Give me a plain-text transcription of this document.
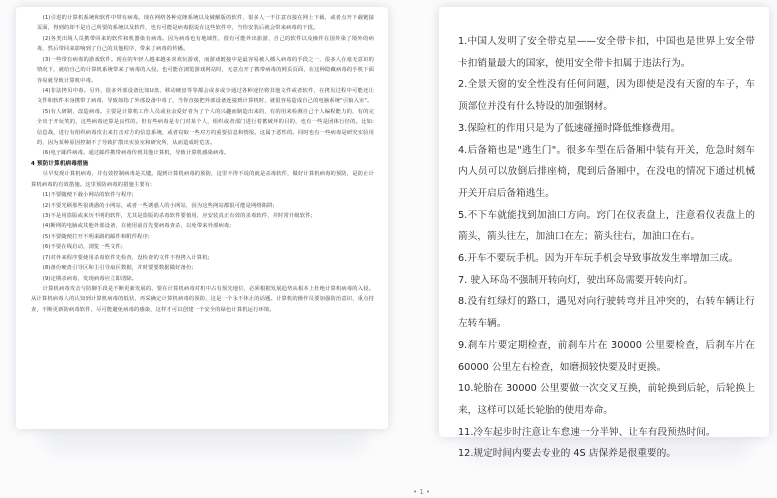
(1)引进的计算机系统和软件中带有病毒。现在网络各种克隆系统以及破解版的软件，很多人一不注意直接在网上下载，或者点开下载链接页面，得到的却不是自己所要的系统以及软件，也有可能是病毒据说在这些软件中，当你安装后就会带来病毒的干扰。

(2)各类出境人员携带回来的软件和机器染有病毒。因为病毒也有地域性，很有可能外出旅游，自己的软件以及操作在国外染了境外的病毒，然后带回来影响到了自己的其他程序，带来了病毒的传播。

(3)一些带有病毒的游戏软件。现在的年轻人越来越多喜欢玩游戏，而游戏链接中是最容易被人插入病毒的手段之一，很多人在毫无意识的情况下，就给自己的计算机系统带来了病毒的入侵。也可能在浏览游戏网站时，无意点开了携带病毒的网页页面，在这种隐藏病毒的手机下面容易就导致计算机中毒。

(4)非法拷贝中毒。另外，很多外部设备比如U盘，移动硬盘等等都会或多或少通过各种途径将其他文件或者软件，在拷贝过程中可能还让文件和软件本身携带了病毒，导致如指了外部设备中毒了，当你直接把外部设备连接到计算机时，就很容易造成自己的电脑系统"引狼入室"。

(5)有人研制，改造病毒。主要是计算机工作人员或业余爱好者为了个人的兴趣而制造出来的，有的用来检测自己个人编程能力的，有的完全出于开玩笑的，这些病毒还算是良性的。但有些病毒是专门对某个人，组织或者部门进行着蓄破坏的目的，也有一些是团体行径的。比如:信息战，进行有组织病毒攻击来打击对方的信息系统，或者窃取一些对方的重要信息和情报。这属于恶性的。同时也有一些病毒是研究实验用的，因为某种原因控制不了导致扩散出实验室和研究所，从而造成时危害。

(6)电子邮件病毒。通过邮件携带病毒传到其他计算机，导致计算机感染病毒。

4 预防计算机病毒措施

尽早发现计算机病毒，并有效控制病毒是关键。提到计算机病毒的预防，这里不得不说的就是杀毒软件，做好计算机病毒的预防，是防止计算机病毒的有效措施。这里预防病毒的措施主要有:

(1)不要随便下载小网站的软件与程序;

(2)不要光顾那些很诱惑的小网站，或者一些诱惑人的小网站，因为这些网站都很可能是网络陷阱;

(3)不是用盗版或来历不明的软件，尤其是盗版的杀毒软件要慎用，应安装真正有效的杀毒软件，并时常升级软件;

(4)断网的电脑或其他外部设备，在使用前首先要病毒查杀，以免带来外部病毒;

(5)不要随便打开不明来路的邮件和附件程序;

(6)不要在线启动，浏览一些文件;

(7)对外来程序要使用杀毒软件先检查，没检查的文件不得拷入计算机;

(8)备份硬盘引导区和主引导扇区数据，并时要要数据做好备份;

(9)定期杀病毒，发现病毒应立即清除。

计算机病毒攻击与防御手段是不断更新发展的，要在计算机病毒对机中占有预先地位，必须根据发展趋势从根本上杜绝计算机病毒的入侵。从计算机病毒人的认知到计算机病毒的低状，再采确定计算机病毒的预防，这是一个永不休止的话题。计算机的操作员要加强防治意识，重点持查，不断更新防病毒软件，尽可能避免病毒的感染，这样才可以创建一个安全的绿色计算机运行环境。

1.中国人发明了安全带克星——安全带卡扣，中国也是世界上安全带卡扣销量最大的国家，使用安全带卡扣属于违法行为。

2.全景天窗的安全性没有任何问题，因为即使是没有天窗的车子，车顶部位并没有什么特设的加强钢材。

3.保险杠的作用只是为了低速碰撞时降低维修费用。

4.后备箱也是"逃生门"。很多车型在后备厢中装有开关，危急时刻车内人员可以放倒后排座椅，爬到后备厢中，在没电的情况下通过机械开关开启后备箱逃生。

5.不下车就能找到加油口方向。窍门在仪表盘上，注意看仪表盘上的箭头，箭头往左，加油口在左；箭头往右，加油口在右。

6.开车不要玩手机。因为开车玩手机会导致事故发生率增加三成。

7. 驶入环岛不强制开转向灯，驶出环岛需要开转向灯。

8.没有红绿灯的路口，遇见对向行驶转弯并且冲突的，右转车辆让行左转车辆。

9.刹车片要定期检查，前刹车片在 30000 公里要检查，后刹车片在 60000 公里左右检查，如磨损较快要及时更换。

10.轮胎在 30000 公里要做一次交叉互换，前轮换到后轮，后轮换上来，这样可以延长轮胎的使用寿命。

11.冷车起步时注意让车怠速一分半钟、让车有段预热时间。

12.规定时间内要去专业的 4S 店保养是很重要的。

• 1 •
